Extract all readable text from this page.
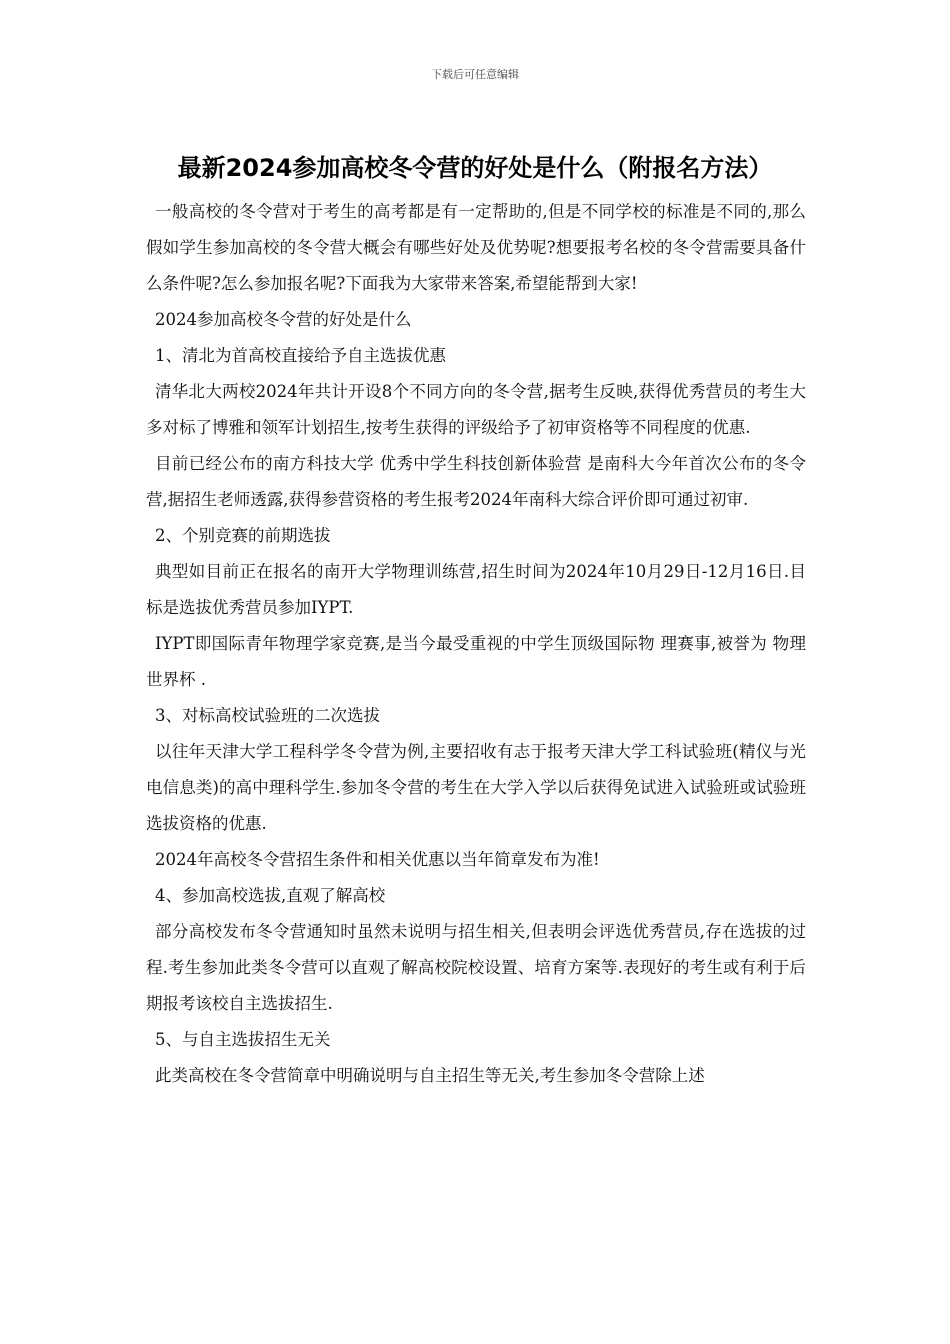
下载后可任意编辑
最新2024参加高校冬令营的好处是什么（附报名方法）

一般高校的冬令营对于考生的高考都是有一定帮助的,但是不同学校的标准是不同的,那么假如学生参加高校的冬令营大概会有哪些好处及优势呢?想要报考名校的冬令营需要具备什么条件呢?怎么参加报名呢?下面我为大家带来答案,希望能帮到大家!

2024参加高校冬令营的好处是什么

1、清北为首高校直接给予自主选拔优惠

清华北大两校2024年共计开设8个不同方向的冬令营,据考生反映,获得优秀营员的考生大多对标了博雅和领军计划招生,按考生获得的评级给予了初审资格等不同程度的优惠.

目前已经公布的南方科技大学 优秀中学生科技创新体验营 是南科大今年首次公布的冬令营,据招生老师透露,获得参营资格的考生报考2024年南科大综合评价即可通过初审.

2、个别竞赛的前期选拔

典型如目前正在报名的南开大学物理训练营,招生时间为2024年10月29日-12月16日.目标是选拔优秀营员参加IYPT.

IYPT即国际青年物理学家竞赛,是当今最受重视的中学生顶级国际物 理赛事,被誉为 物理世界杯 .

3、对标高校试验班的二次选拔

以往年天津大学工程科学冬令营为例,主要招收有志于报考天津大学工科试验班(精仪与光电信息类)的高中理科学生.参加冬令营的考生在大学入学以后获得免试进入试验班或试验班选拔资格的优惠.

2024年高校冬令营招生条件和相关优惠以当年简章发布为准!

4、参加高校选拔,直观了解高校

部分高校发布冬令营通知时虽然未说明与招生相关,但表明会评选优秀营员,存在选拔的过程.考生参加此类冬令营可以直观了解高校院校设置、培育方案等.表现好的考生或有利于后期报考该校自主选拔招生.

5、与自主选拔招生无关

此类高校在冬令营简章中明确说明与自主招生等无关,考生参加冬令营除上述
